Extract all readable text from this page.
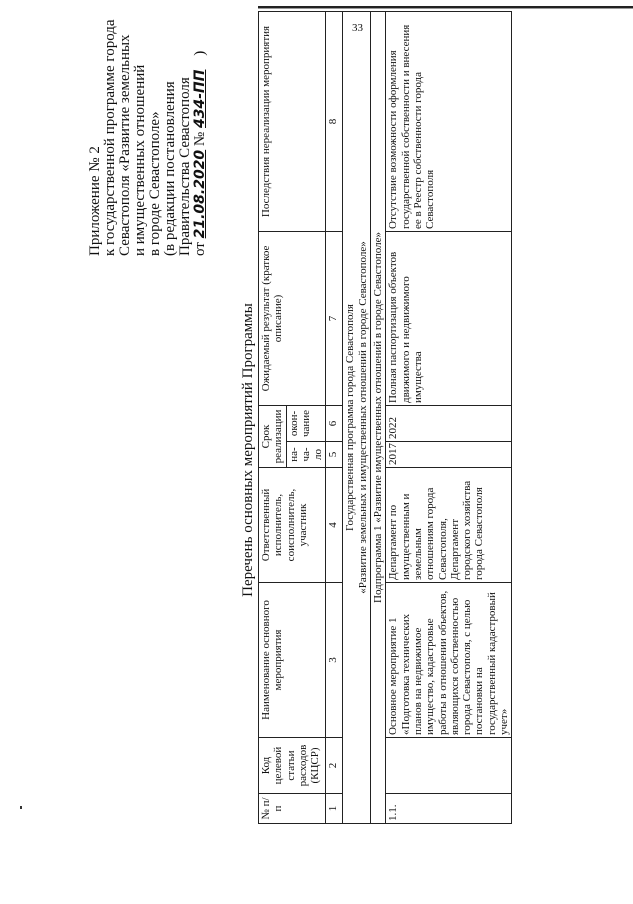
33
Приложение № 2 к государственной программе города Севастополя «Развитие земельных и имущественных отношений в городе Севастополе» (в редакции постановления Правительства Севастополя от 21.08.2020 № 434-ПП )
Перечень основных мероприятий Программы
№ п/п	Код целевой статьи расходов (КЦСР)	Наименование основного мероприятия	Ответственный исполнитель, соисполнитель, участник	Срок реализации		Ожидаемый результат (краткое описание)	Последствия нереализации мероприятия
				на-ча-ло	окон-чание		
1	2	3	4	5	6	7	8

Государственная программа города Севастополя «Развитие земельных и имущественных отношений в городе Севастополе»							

Подпрограмма 1 «Развитие имущественных отношений в городе Севастополе»							
1.1.		Основное мероприятие 1 «Подготовка технических планов на недвижимое имущество, кадастровые работы в отношении объектов, являющихся собственностью города Севастополя, с целью постановки на государственный кадастровый учет»	Департамент по имущественным и земельным отношениям города Севастополя, Департамент городского хозяйства города Севастополя	2017	2022	Полная паспортизация объектов движимого и недвижимого имущества	Отсутствие возможности оформления государственной собственности и внесения ее в Реестр собственности города Севастополя
